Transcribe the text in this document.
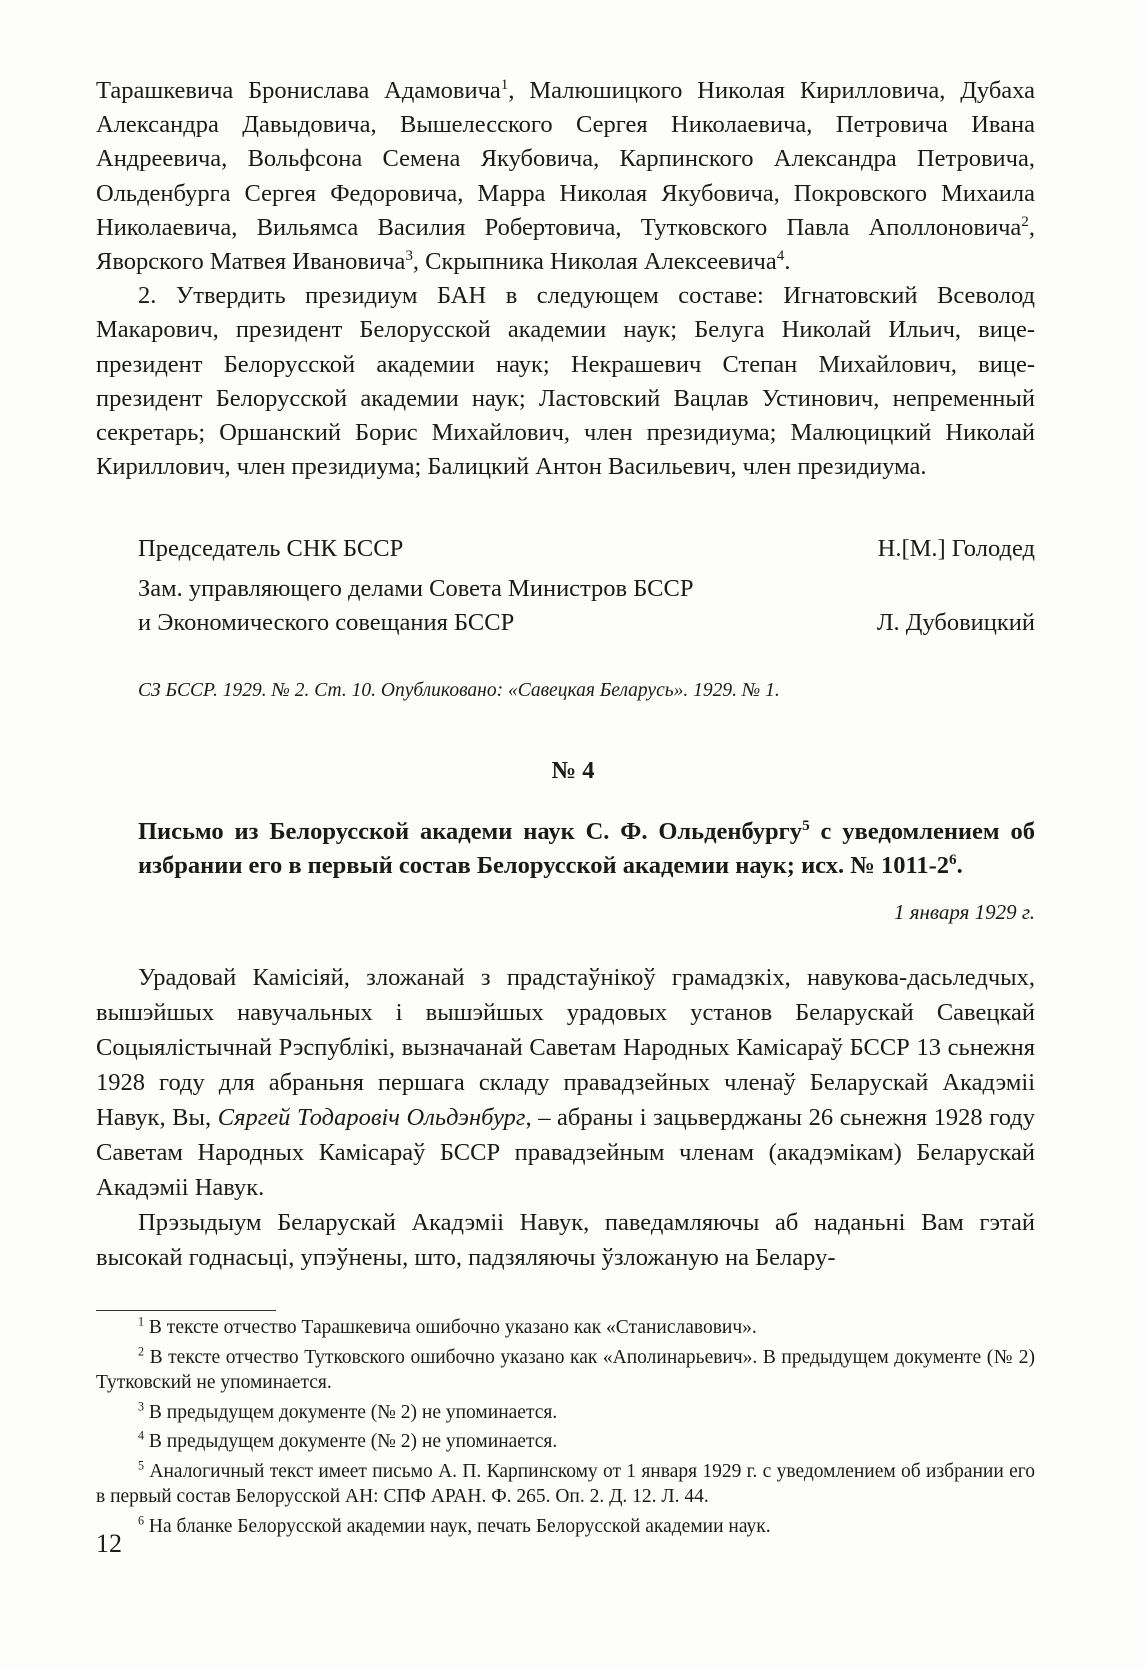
Тарашкевича Брониславa Адамовича$^1$, Малюшицкого Николая Кирилловича, Дубаха Александра Давыдовича, Вышелесского Сергея Николаевича, Петровича Ивана Андреевича, Вольфсона Семена Якубовича, Карпинского Александра Петровича, Ольденбурга Сергея Федоровича, Марра Николая Якубовича, Покровского Михаила Николаевича, Вильямса Василия Робертовича, Тутковского Павла Аполлоновича$^2$, Яворского Матвея Ивановича$^3$, Скрыпника Николая Алексеевича$^4$.

2. Утвердить президиум БАН в следующем составе: Игнатовский Всеволод Макарович, президент Белорусской академии наук; Белуга Николай Ильич, вице-президент Белорусской академии наук; Некрашевич Степан Михайлович, вице-президент Белорусской академии наук; Ластовский Вацлав Устинович, непременный секретарь; Оршанский Борис Михайлович, член президиума; Малюцицкий Николай Кириллович, член президиума; Балицкий Антон Васильевич, член президиума.

Председатель СНК БССР	Н.[М.] Голодед
Зам. управляющего делами Совета Министров БССР
и Экономического совещания БССР	Л. Дубовицкий
СЗ БССР. 1929. № 2. Ст. 10. Опубликовано: «Савецкая Беларусь». 1929. № 1.
№ 4
Письмо из Белорусской академи наук С. Ф. Ольденбургу$^5$ с уведомлением об избрании его в первый состав Белорусской академии наук; исх. № $1011-2^6$.
1 января 1929 г.

Урадовай Камісіяй, зложанай з прадстаўнікоў грамадзкіх, навукова-дасьледчых, вышэйшых навучальных і вышэйшых урадовых установ Беларускай Савецкай Соцыялістычнай Рэспублікі, вызначанай Саветам Народных Камісараў БССР 13 сьнежня 1928 году для абраньня першага складу правадзейных членаў Беларускай Акадэміі Навук, Вы, Сяргей Тодаровіч Ольдэнбург, – абраны і зацьверджаны 26 сьнежня 1928 году Саветам Народных Камісараў БССР правадзейным членам (акадэмікам) Беларускай Акадэміі Навук.

Прэзыдыум Беларускай Акадэміі Навук, паведамляючы аб наданьні Вам гэтай высокай годнасьці, упэўнены, што, падзяляючы ўзложаную на Белару-

$^1$ В тексте отчество Тарашкевича ошибочно указано как «Станиславович».

$^2$ В тексте отчество Тутковского ошибочно указано как «Аполинарьевич». В предыдущем документе (№ 2) Тутковский не упоминается.

$^3$ В предыдущем документе (№ 2) не упоминается.

$^4$ В предыдущем документе (№ 2) не упоминается.

$^5$ Аналогичный текст имеет письмо А. П. Карпинскому от 1 января 1929 г. с уведомлением об избрании его в первый состав Белорусской АН: СПФ АРАН. Ф. 265. Оп. 2. Д. 12. Л. 44.

$^6$ На бланке Белорусской академии наук, печать Белорусской академии наук.

12
